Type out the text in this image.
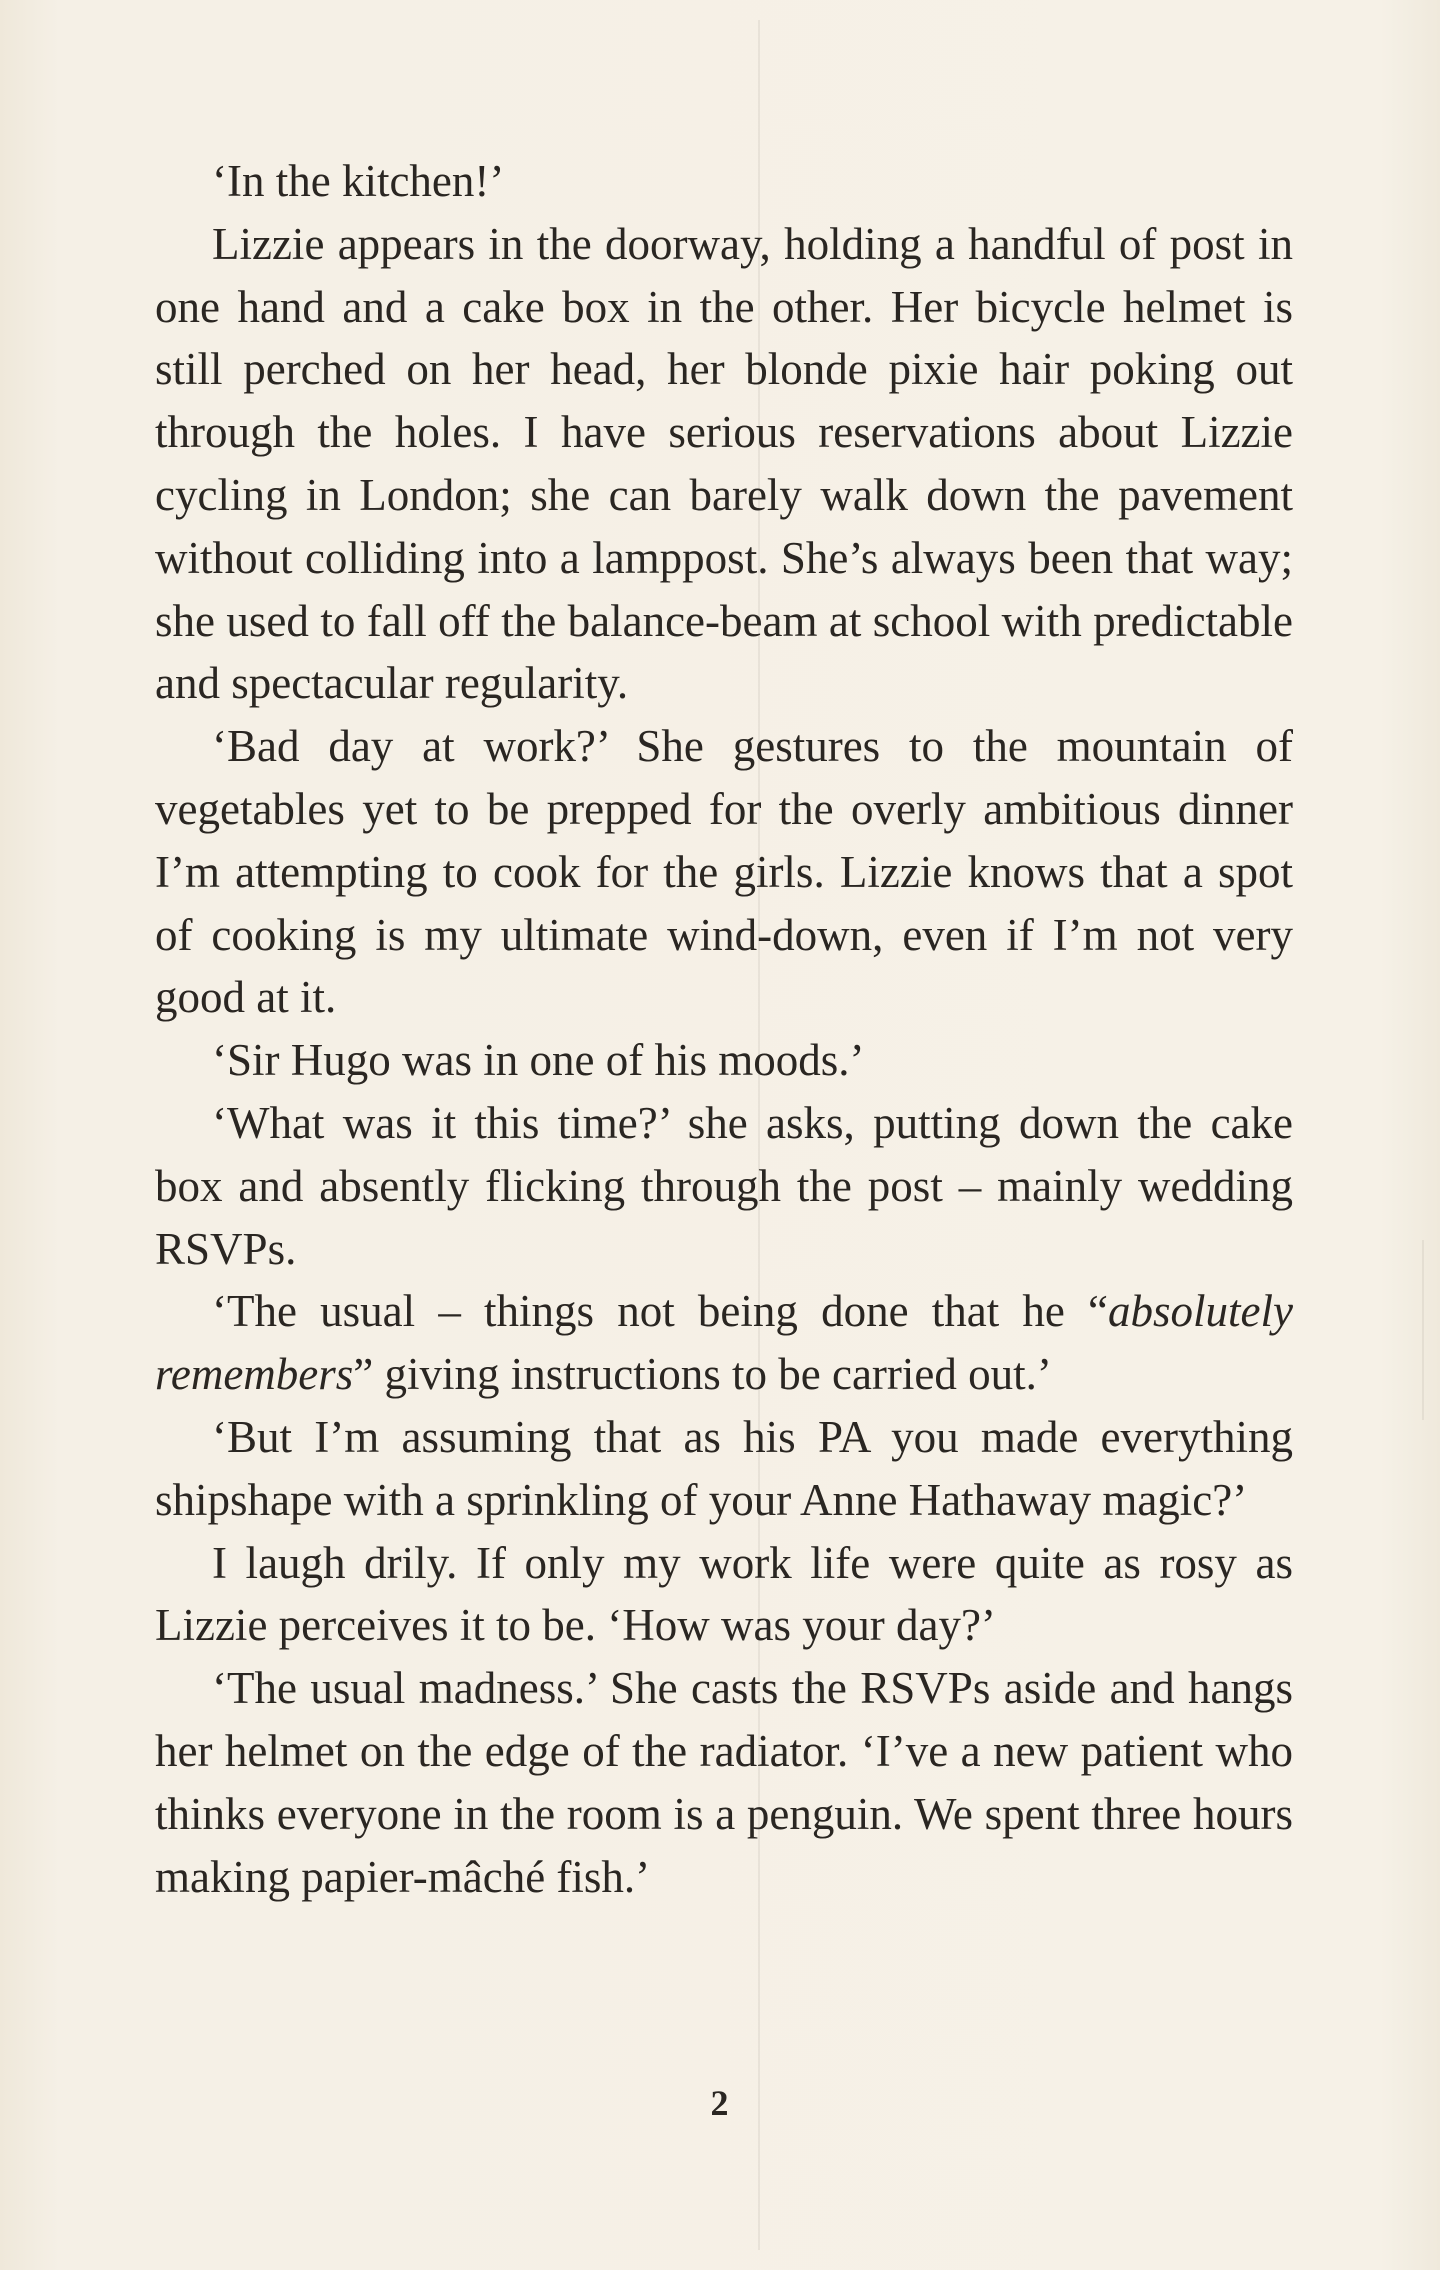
‘In the kitchen!’

Lizzie appears in the doorway, holding a handful of post in one hand and a cake box in the other. Her bicycle helmet is still perched on her head, her blonde pixie hair poking out through the holes. I have serious reservations about Lizzie cycling in London; she can barely walk down the pavement without colliding into a lamppost. She’s always been that way; she used to fall off the balance-beam at school with predictable and spectacular regularity.

‘Bad day at work?’ She gestures to the mountain of vegetables yet to be prepped for the overly ambitious dinner I’m attempting to cook for the girls. Lizzie knows that a spot of cooking is my ultimate wind-down, even if I’m not very good at it.

‘Sir Hugo was in one of his moods.’

‘What was it this time?’ she asks, putting down the cake box and absently flicking through the post – mainly wedding RSVPs.

‘The usual – things not being done that he “absolutely remembers” giving instructions to be carried out.’

‘But I’m assuming that as his PA you made everything shipshape with a sprinkling of your Anne Hathaway magic?’

I laugh drily. If only my work life were quite as rosy as Lizzie perceives it to be. ‘How was your day?’

‘The usual madness.’ She casts the RSVPs aside and hangs her helmet on the edge of the radiator. ‘I’ve a new patient who thinks everyone in the room is a penguin. We spent three hours making papier-mâché fish.’

2
